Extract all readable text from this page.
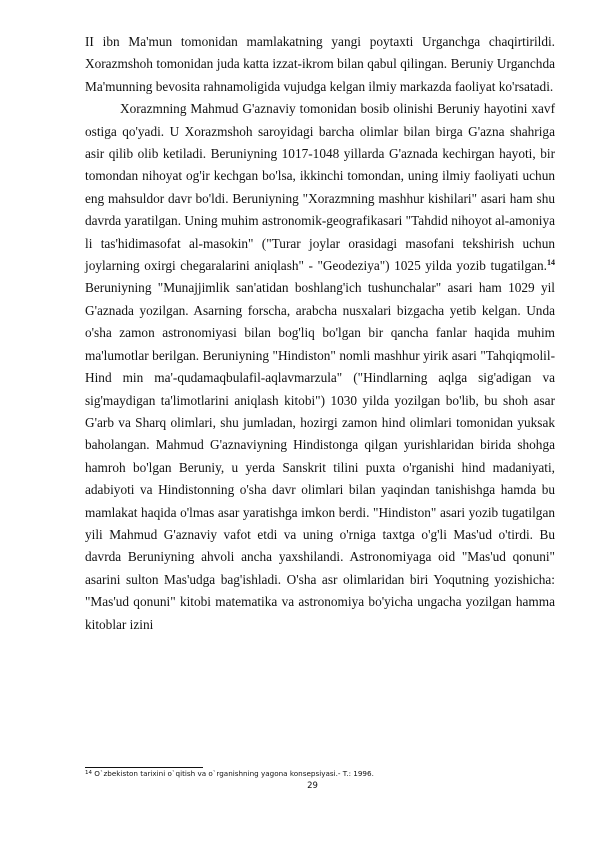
II ibn Ma'mun tomonidan mamlakatning yangi poytaxti Urganchga chaqirtirildi. Xorazmshoh tomonidan juda katta izzat-ikrom bilan qabul qilingan. Beruniy Urganchda Ma'munning bevosita rahnamoligida vujudga kelgan ilmiy markazda faoliyat ko'rsatadi.

Xorazmning Mahmud G'aznaviy tomonidan bosib olinishi Beruniy hayotini xavf ostiga qo'yadi. U Xorazmshoh saroyidagi barcha olimlar bilan birga G'azna shahriga asir qilib olib ketiladi. Beruniyning 1017-1048 yillarda G'aznada kechirgan hayoti, bir tomondan nihoyat og'ir kechgan bo'lsa, ikkinchi tomondan, uning ilmiy faoliyati uchun eng mahsuldor davr bo'ldi. Beruniyning "Xorazmning mashhur kishilari" asari ham shu davrda yaratilgan. Uning muhim astronomik-geografikasari "Tahdid nihoyot al-amoniya li tas'hidimasofat al-masokin" ("Turar joylar orasidagi masofani tekshirish uchun joylarning oxirgi chegaralarini aniqlash" - "Geodeziya") 1025 yilda yozib tugatilgan.$^{14}$ Beruniyning "Munajjimlik san'atidan boshlang'ich tushunchalar" asari ham 1029 yil G'aznada yozilgan. Asarning forscha, arabcha nusxalari bizgacha yetib kelgan. Unda o'sha zamon astronomiyasi bilan bog'liq bo'lgan bir qancha fanlar haqida muhim ma'lumotlar berilgan. Beruniyning "Hindiston" nomli mashhur yirik asari "Tahqiqmolil-Hind min ma'-qudamaqbulafil-aqlavmarzula" ("Hindlarning aqlga sig'adigan va sig'maydigan ta'limotlarini aniqlash kitobi") 1030 yilda yozilgan bo'lib, bu shoh asar G'arb va Sharq olimlari, shu jumladan, hozirgi zamon hind olimlari tomonidan yuksak baholangan. Mahmud G'aznaviyning Hindistonga qilgan yurishlaridan birida shohga hamroh bo'lgan Beruniy, u yerda Sanskrit tilini puxta o'rganishi hind madaniyati, adabiyoti va Hindistonning o'sha davr olimlari bilan yaqindan tanishishga hamda bu mamlakat haqida o'lmas asar yaratishga imkon berdi. "Hindiston" asari yozib tugatilgan yili Mahmud G'aznaviy vafot etdi va uning o'rniga taxtga o'g'li Mas'ud o'tirdi. Bu davrda Beruniyning ahvoli ancha yaxshilandi. Astronomiyaga oid "Mas'ud qonuni" asarini sulton Mas'udga bag'ishladi. O'sha asr olimlaridan biri Yoqutning yozishicha: "Mas'ud qonuni" kitobi matematika va astronomiya bo'yicha ungacha yozilgan hamma kitoblar izini

$^{14}$ O`zbekiston tarixini o`qitish va o`rganishning yagona konsepsiyasi.- T.: 1996.
29
